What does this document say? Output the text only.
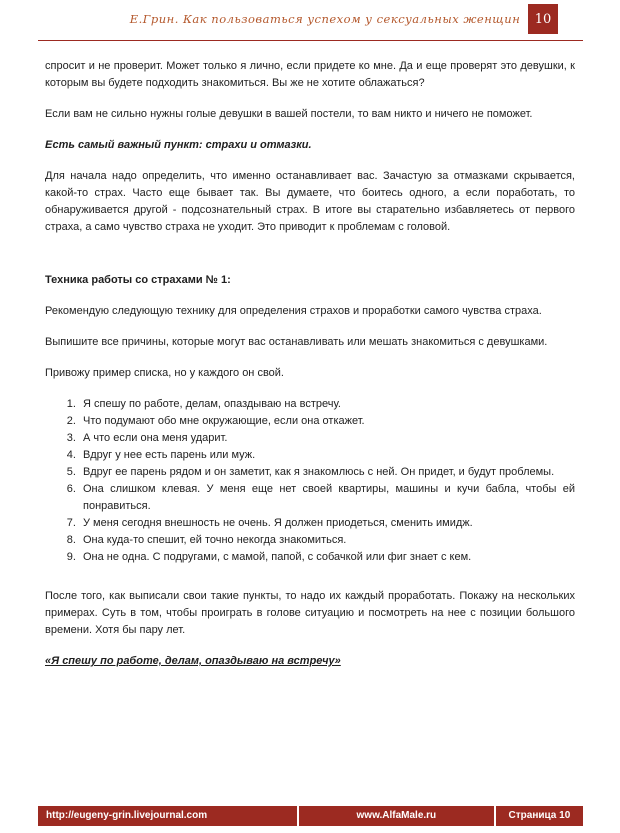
Е.Грин. Как пользоваться успехом у сексуальных женщин	10

спросит и не проверит. Может только я лично, если придете ко мне. Да и еще проверят это девушки, к которым вы будете подходить знакомиться. Вы же не хотите облажаться?

Если вам не сильно нужны голые девушки в вашей постели, то вам никто и ничего не поможет.

Есть самый важный пункт: страхи и отмазки.

Для начала надо определить, что именно останавливает вас. Зачастую за отмазками скрывается, какой-то страх. Часто еще бывает так. Вы думаете, что боитесь одного, а если поработать, то обнаруживается другой - подсознательный страх. В итоге вы старательно избавляетесь от первого страха, а само чувство страха не уходит. Это приводит к проблемам с головой.

Техника работы со страхами № 1:

Рекомендую следующую технику для определения страхов и проработки самого чувства страха.

Выпишите все причины, которые могут вас останавливать или мешать знакомиться с девушками.

Привожу пример списка, но у каждого он свой.

1. Я спешу по работе, делам, опаздываю на встречу.
2. Что подумают обо мне окружающие, если она откажет.
3. А что если она меня ударит.
4. Вдруг у нее есть парень или муж.
5. Вдруг ее парень рядом и он заметит, как я знакомлюсь с ней. Он придет, и будут проблемы.
6. Она слишком клевая. У меня еще нет своей квартиры, машины и кучи бабла, чтобы ей понравиться.
7. У меня сегодня внешность не очень. Я должен приодеться, сменить имидж.
8. Она куда-то спешит, ей точно некогда знакомиться.
9. Она не одна. С подругами, с мамой, папой, с собачкой или фиг знает с кем.

После того, как выписали свои такие пункты, то надо их каждый проработать. Покажу на нескольких примерах. Суть в том, чтобы проиграть в голове ситуацию и посмотреть на нее с позиции большого времени. Хотя бы пару лет.

«Я спешу по работе, делам, опаздываю на встречу»

http://eugeny-grin.livejournal.com	www.AlfaMale.ru	Страница 10
